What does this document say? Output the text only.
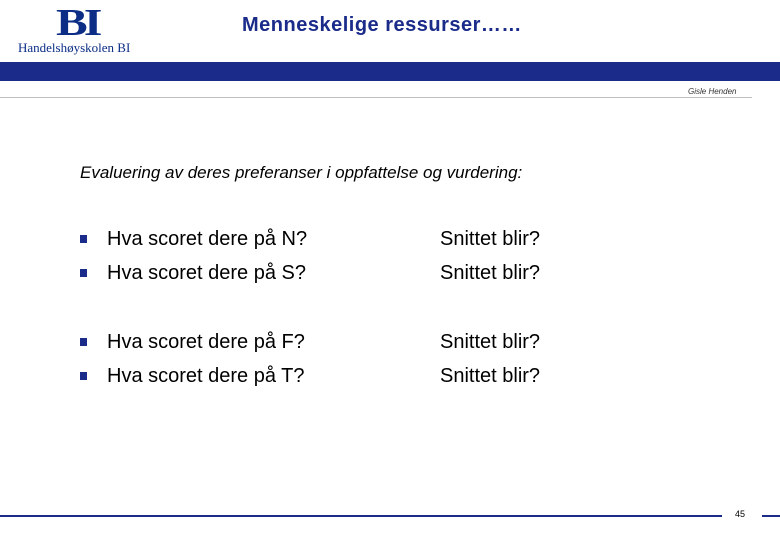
BI
Handelshøyskolen BI
Menneskelige ressurser……
Gisle Henden
Evaluering av deres preferanser i oppfattelse og vurdering:
Hva scoret dere på N?	Snittet blir?
Hva scoret dere på S?	Snittet blir?
Hva scoret dere på F?	Snittet blir?
Hva scoret dere på T?	Snittet blir?
45
